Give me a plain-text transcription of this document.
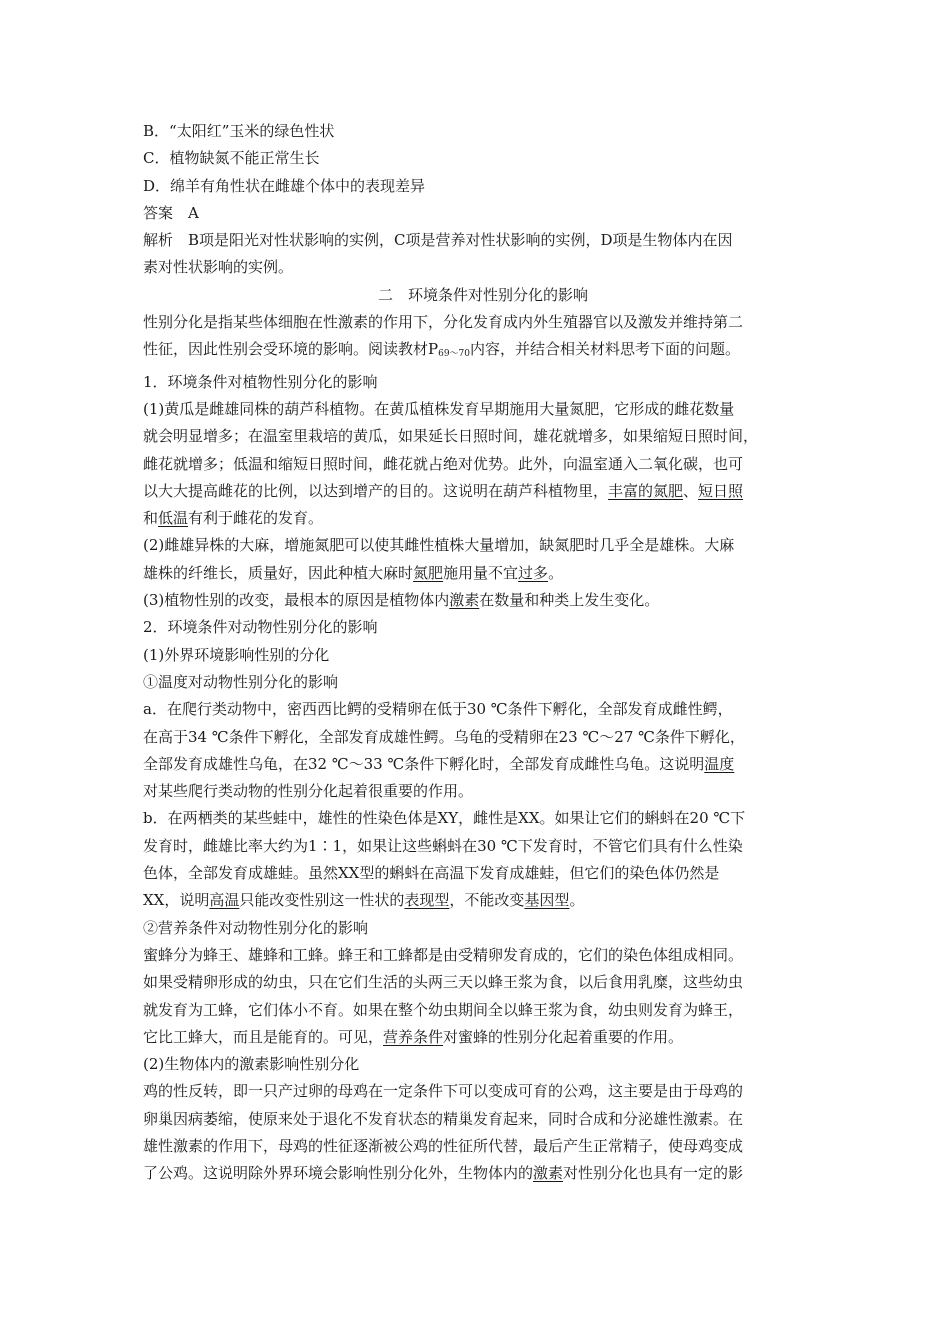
B．“太阳红”玉米的绿色性状
C．植物缺氮不能正常生长
D．绵羊有角性状在雌雄个体中的表现差异
答案　A
解析　B项是阳光对性状影响的实例，C项是营养对性状影响的实例，D项是生物体内在因
素对性状影响的实例。
二　环境条件对性别分化的影响
性别分化是指某些体细胞在性激素的作用下，分化发育成内外生殖器官以及激发并维持第二
性征，因此性别会受环境的影响。阅读教材$P_{69\sim 70}$内容，并结合相关材料思考下面的问题。
1．环境条件对植物性别分化的影响
(1)黄瓜是雌雄同株的葫芦科植物。在黄瓜植株发育早期施用大量氮肥，它形成的雌花数量
就会明显增多；在温室里栽培的黄瓜，如果延长日照时间，雄花就增多，如果缩短日照时间，
雌花就增多；低温和缩短日照时间，雌花就占绝对优势。此外，向温室通入二氧化碳，也可
以大大提高雌花的比例，以达到增产的目的。这说明在葫芦科植物里，丰富的氮肥、短日照
和低温有利于雌花的发育。
(2)雌雄异株的大麻，增施氮肥可以使其雌性植株大量增加，缺氮肥时几乎全是雄株。大麻
雄株的纤维长，质量好，因此种植大麻时氮肥施用量不宜过多。
(3)植物性别的改变，最根本的原因是植物体内激素在数量和种类上发生变化。
2．环境条件对动物性别分化的影响
(1)外界环境影响性别的分化
①温度对动物性别分化的影响
a．在爬行类动物中，密西西比鳄的受精卵在低于30 ℃条件下孵化，全部发育成雌性鳄，
在高于34 ℃条件下孵化，全部发育成雄性鳄。乌龟的受精卵在23 ℃～27 ℃条件下孵化，
全部发育成雄性乌龟，在32 ℃～33 ℃条件下孵化时，全部发育成雌性乌龟。这说明温度
对某些爬行类动物的性别分化起着很重要的作用。
b．在两栖类的某些蛙中，雄性的性染色体是XY，雌性是XX。如果让它们的蝌蚪在20 ℃下
发育时，雌雄比率大约为1∶1，如果让这些蝌蚪在30 ℃下发育时，不管它们具有什么性染
色体，全部发育成雄蛙。虽然XX型的蝌蚪在高温下发育成雄蛙，但它们的染色体仍然是
XX，说明高温只能改变性别这一性状的表现型，不能改变基因型。
②营养条件对动物性别分化的影响
蜜蜂分为蜂王、雄蜂和工蜂。蜂王和工蜂都是由受精卵发育成的，它们的染色体组成相同。
如果受精卵形成的幼虫，只在它们生活的头两三天以蜂王浆为食，以后食用乳糜，这些幼虫
就发育为工蜂，它们体小不育。如果在整个幼虫期间全以蜂王浆为食，幼虫则发育为蜂王，
它比工蜂大，而且是能育的。可见，营养条件对蜜蜂的性别分化起着重要的作用。
(2)生物体内的激素影响性别分化
鸡的性反转，即一只产过卵的母鸡在一定条件下可以变成可育的公鸡，这主要是由于母鸡的
卵巢因病萎缩，使原来处于退化不发育状态的精巢发育起来，同时合成和分泌雄性激素。在
雄性激素的作用下，母鸡的性征逐渐被公鸡的性征所代替，最后产生正常精子，使母鸡变成
了公鸡。这说明除外界环境会影响性别分化外，生物体内的激素对性别分化也具有一定的影
